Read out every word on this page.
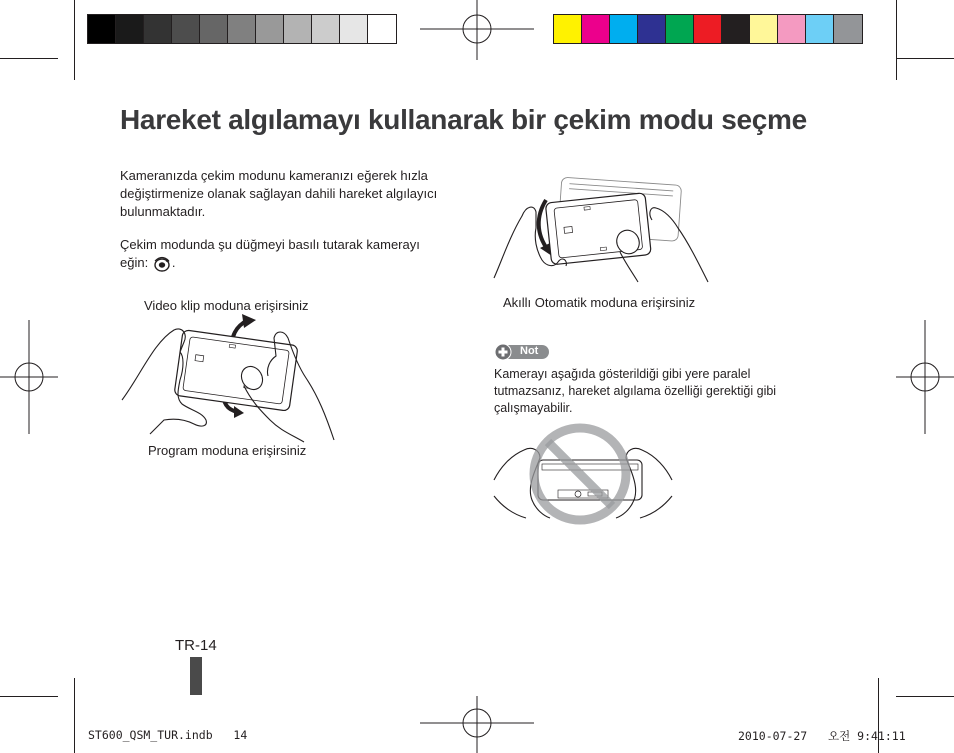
Hareket algılamayı kullanarak bir çekim modu seçme

Kameranızda çekim modunu kameranızı eğerek hızla değiştirmenize olanak sağlayan dahili hareket algılayıcı bulunmaktadır.

Çekim modunda şu düğmeyi basılı tutarak kamerayı eğin: .

Video klip moduna erişirsiniz
Program moduna erişirsiniz
Akıllı Otomatik moduna erişirsiniz
Not

Kamerayı aşağıda gösterildiği gibi yere paralel tutmazsanız, hareket algılama özelliği gerektiği gibi çalışmayabilir.

TR-14
ST600_QSM_TUR.indb   14	2010-07-27   오전 9:41:11
